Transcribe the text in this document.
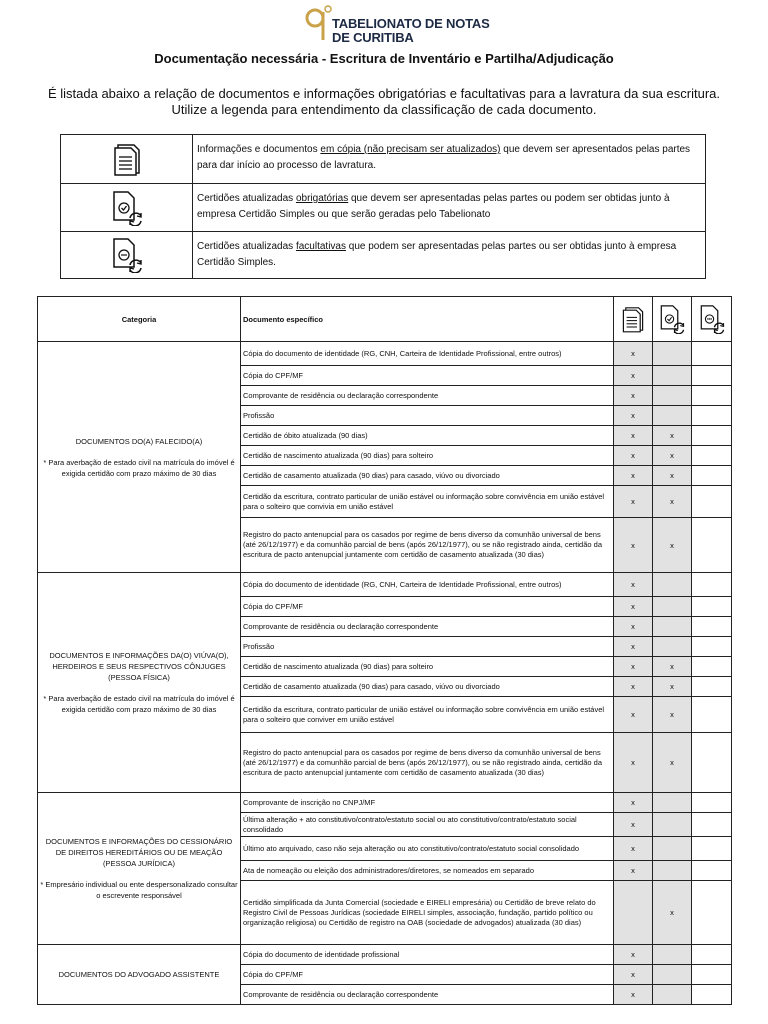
TABELIONATO DE NOTAS
DE CURITIBA
Documentação necessária - Escritura de Inventário e Partilha/Adjudicação
É listada abaixo a relação de documentos e informações obrigatórias e facultativas para a lavratura da sua escritura.
Utilize a legenda para entendimento da classificação de cada documento.
Informações e documentos em cópia (não precisam ser atualizados) que devem ser apresentados pelas partes para dar início ao processo de lavratura.
Certidões atualizadas obrigatórias que devem ser apresentadas pelas partes ou podem ser obtidas junto à empresa Certidão Simples ou que serão geradas pelo Tabelionato
Certidões atualizadas facultativas que podem ser apresentadas pelas partes ou ser obtidas junto à empresa Certidão Simples.
Categoria	Documento específico	

DOCUMENTOS DO(A) FALECIDO(A)
* Para averbação de estado civil na matrícula do imóvel é exigida certidão com prazo máximo de 30 dias	Cópia do documento de identidade (RG, CNH, Carteira de Identidade Profissional, entre outros)	x		
	Cópia do CPF/MF	x		
	Comprovante de residência ou declaração correspondente	x		
	Profissão	x		
	Certidão de óbito atualizada (90 dias)	x	x	
	Certidão de nascimento atualizada (90 dias) para solteiro	x	x	
	Certidão de casamento atualizada (90 dias) para casado, viúvo ou divorciado	x	x	
	Certidão da escritura, contrato particular de união estável ou informação sobre convivência em união estável para o solteiro que convivia em união estável	x	x	
	Registro do pacto antenupcial para os casados por regime de bens diverso da comunhão universal de bens (até 26/12/1977) e da comunhão parcial de bens (após 26/12/1977), ou se não registrado ainda, certidão da escritura de pacto antenupcial juntamente com certidão de casamento atualizada (30 dias)	x	x	

DOCUMENTOS E INFORMAÇÕES DA(O) VIÚVA(O), HERDEIROS E SEUS RESPECTIVOS CÔNJUGES (PESSOA FÍSICA)
* Para averbação de estado civil na matrícula do imóvel é exigida certidão com prazo máximo de 30 dias	Cópia do documento de identidade (RG, CNH, Carteira de Identidade Profissional, entre outros)	x		
	Cópia do CPF/MF	x		
	Comprovante de residência ou declaração correspondente	x		
	Profissão	x		
	Certidão de nascimento atualizada (90 dias) para solteiro	x	x	
	Certidão de casamento atualizada (90 dias) para casado, viúvo ou divorciado	x	x	
	Certidão da escritura, contrato particular de união estável ou informação sobre convivência em união estável para o solteiro que conviver em união estável	x	x	
	Registro do pacto antenupcial para os casados por regime de bens diverso da comunhão universal de bens (até 26/12/1977) e da comunhão parcial de bens (após 26/12/1977), ou se não registrado ainda, certidão da escritura de pacto antenupcial juntamente com certidão de casamento atualizada (30 dias)	x	x	

DOCUMENTOS E INFORMAÇÕES DO CESSIONÁRIO DE DIREITOS HEREDITÁRIOS OU DE MEAÇÃO (PESSOA JURÍDICA)
* Empresário individual ou ente despersonalizado consultar o escrevente responsável	Comprovante de inscrição no CNPJ/MF	x		
	Última alteração + ato constitutivo/contrato/estatuto social ou ato constitutivo/contrato/estatuto social consolidado	x		
	Último ato arquivado, caso não seja alteração ou ato constitutivo/contrato/estatuto social consolidado	x		
	Ata de nomeação ou eleição dos administradores/diretores, se nomeados em separado	x		
	Certidão simplificada da Junta Comercial (sociedade e EIRELI empresária) ou Certidão de breve relato do Registro Civil de Pessoas Jurídicas (sociedade EIRELI simples, associação, fundação, partido político ou organização religiosa) ou Certidão de registro na OAB (sociedade de advogados) atualizada (30 dias)		x	

DOCUMENTOS DO ADVOGADO ASSISTENTE	Cópia do documento de identidade profissional	x		
	Cópia do CPF/MF	x		
	Comprovante de residência ou declaração correspondente	x		
